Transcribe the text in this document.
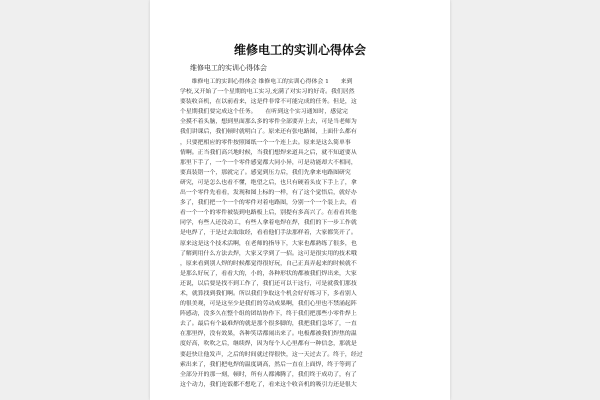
维修电工的实训心得体会
维修电工的实训心得体会
　　维修电工的实训心得体会 维修电工的实训心得体会 1　　来到
学校,又开始了一个星期的电工实习,充满了对实习的好奇。我们居然
要装收音机，在以前看来，这是件非常不可能完成的任务。但是，这
个星期我们要完成这个任务。　　在听到这个实习通知时，感觉完
全摸不着头脑，想到里面那么多的零件全部要弄上去，可是当老师为
我们讲课后，我们顿时就明白了。原来还有张电路图，上面什么都有
，只要把相应的零件按照图纸一个一个连上去。原来是这么简单事
情啊。正当我们高兴地时候，当我们想焊来道具之后，就不知道要从
那里下手了，一个一个零件感觉都大同小异，可是功能却大不相同，
要真装错一个，那就完了。感觉到压力后，我们先拿来电路图研究
研究，可是怎么也看不懂，绝望之后，也只有硬着头皮下手上了，拿
出一个零件先看看，发现和图上标的一样，有了这个觉悟后，就好办
多了，我们把一个一个的零件对着电路图，分别一个一个装上去，看
看一个一个的零件被装到电路板上后，别提有多高兴了。在看看其他
同学，有些人还没动工，有些人拿着电焊在焊，我们的下一步工作就
是电焊了，于是过去取取经，看看他们手法那样着，大家都笑开了。
原来这是这个技术活啊，在老师的指导下，大家也都熟练了很多，也
了解到用什么方法去焊，大家又学到了一招。这可是很实用的技术哦
，原来看到别人焊的时候都觉得很好玩，自己正真弄起来的时候就不
是那么好玩了，看看大的，小的，各种形状的都被我们焊出来，大家
还说，以后要是找不到工作了，我们还可以干这行，可是就我们那技
术，就算找到我们啊。所以我们争取这个机会好好练习下，多看别人
的很美观，可是这至少是我们的劳动成果啊，我们心里也不禁涌起阵
阵感动，没多久在整个组的团结协作下，终于我们把那些小零件焊上
去了。最后有个最难焊的就是那个很多脚的，我把我们急坏了，一直
在那里焊，没有效果，各种笑话都闹出来了。电板都被我们焊焦的温
度好高，吹吹之后，继续焊，因为每个人心里都有一种信念，那就是
要赶快让他发声，之后的时间就过得很快，这一天过去了。终于，经过
索出来了，我们把电焊的温度调高，然后一直在上面焊，终于等到了
全部分开的那一刻，顿时，所有人都沸腾了，我们终于成功了，有了
这个动力，我们连饭都不想吃了，看来这个收音机的吸引力还是很大
